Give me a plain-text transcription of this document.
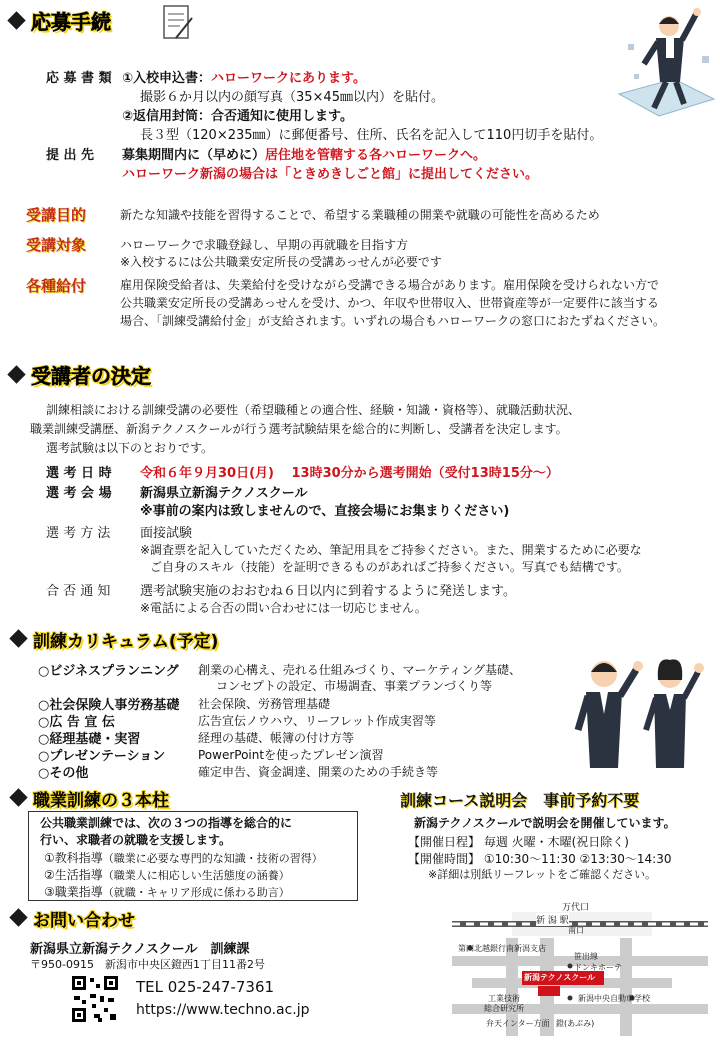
応募手続
応 募 書 類 ①入校申込書：ハローワークにあります。
撮影６か月以内の顔写真（35×45㎜以内）を貼付。
②返信用封筒：合否通知に使用します。
長３型（120×235㎜）に郵便番号、住所、氏名を記入して110円切手を貼付。
提 出 先 募集期間内に（早めに）居住地を管轄する各ハローワークへ。
ハローワーク新潟の場合は「ときめきしごと館」に提出してください。
受講目的	新たな知識や技能を習得することで、希望する業職種の開業や就職の可能性を高めるため
受講対象	ハローワークで求職登録し、早期の再就職を目指す方
※入校するには公共職業安定所長の受講あっせんが必要です
各種給付	雇用保険受給者は、失業給付を受けながら受講できる場合があります。雇用保険を受けられない方で
公共職業安定所長の受講あっせんを受け、かつ、年収や世帯収入、世帯資産等が一定要件に該当する
場合、「訓練受講給付金」が支給されます。いずれの場合もハローワークの窓口におたずねください。
受講者の決定
訓練相談における訓練受講の必要性（希望職種との適合性、経験・知識・資格等）、就職活動状況、
職業訓練受講歴、新潟テクノスクールが行う選考試験結果を総合的に判断し、受講者を決定します。
選考試験は以下のとおりです。
選 考 日 時 令和６年９月30日(月)　 13時30分から選考開始（受付13時15分～）
選 考 会 場 新潟県立新潟テクノスクール
※事前の案内は致しませんので、直接会場にお集まりください)
選 考 方 法 面接試験
※調査票を記入していただくため、筆記用具をご持参ください。また、開業するために必要な
ご自身のスキル（技能）を証明できるものがあればご持参ください。写真でも結構です。
合 否 通 知 選考試験実施のおおむね６日以内に到着するように発送します。
※電話による合否の問い合わせには一切応じません。
訓練カリキュラム(予定)
○ビジネスプランニング 創業の心構え、売れる仕組みづくり、マーケティング基礎、
コンセプトの設定、市場調査、事業プランづくり等
○社会保険人事労務基礎 社会保険、労務管理基礎
○広 告 宣 伝	広告宣伝ノウハウ、リーフレット作成実習等
○経理基礎・実習	経理の基礎、帳簿の付け方等
○プレゼンテーション	PowerPointを使ったプレゼン演習
○その他	確定申告、資金調達、開業のための手続き等
職業訓練の３本柱
公共職業訓練では、次の３つの指導を総合的に
行い、求職者の就職を支援します。
①教科指導（職業に必要な専門的な知識・技術の習得）
②生活指導（職業人に相応しい生活態度の涵養）
③職業指導（就職・キャリア形成に係わる助言）
訓練コース説明会　 事前予約不要
新潟テクノスクールで説明会を開催しています。
【開催日程】 毎週 火曜・木曜(祝日除く)
【開催時間】 ①10:30～11:30 ②13:30～14:30
※詳細は別紙リーフレットをご確認ください。
お問い合わせ
新潟県立新潟テクノスクール　訓練課
〒950-0915　新潟市中央区鐙西1丁目11番2号
TEL 025-247-7361
https://www.techno.ac.jp
万代口
新 潟 駅
南口
第四北越銀行南新潟支店
笹出線
ドンキホーテ
新潟テクノスクール
工業技術
総合研究所
新潟中央自動車学校
弁天インター方面 鐙(あぶみ)
